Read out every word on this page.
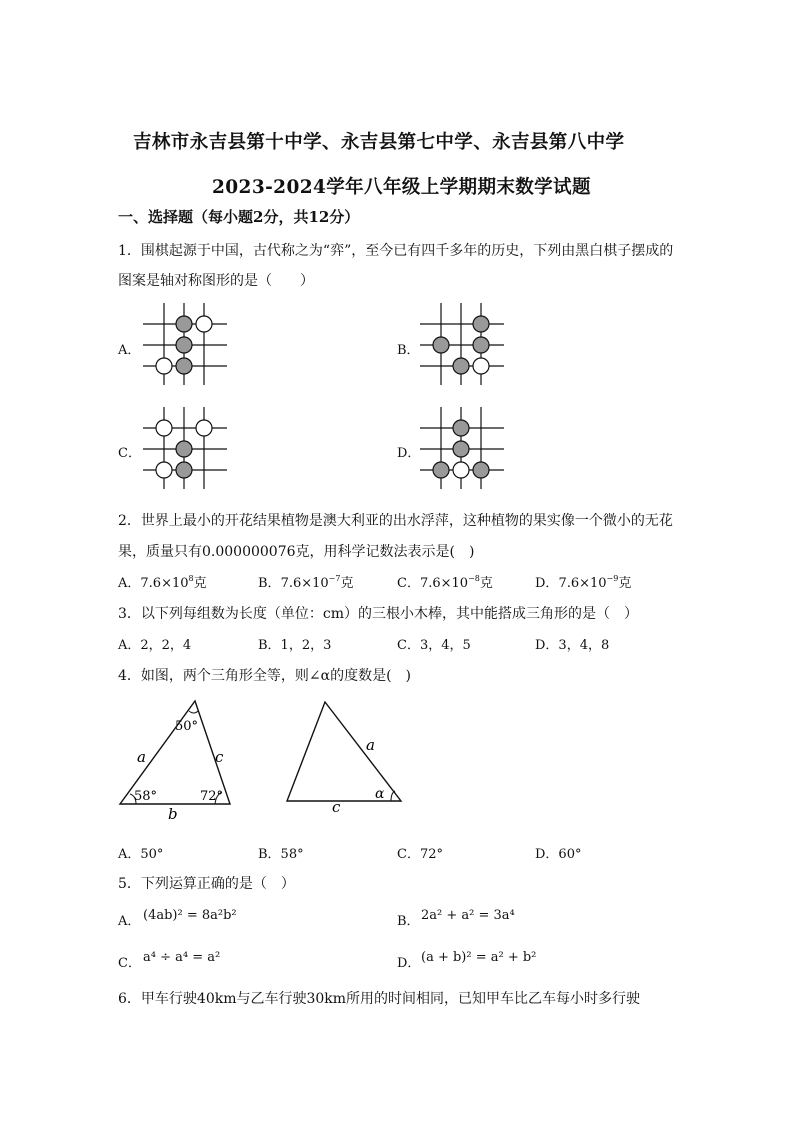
吉林市永吉县第十中学、永吉县第七中学、永吉县第八中学
2023-2024学年八年级上学期期末数学试题
一、选择题（每小题2分，共12分）
1．围棋起源于中国，古代称之为“弈”，至今已有四千多年的历史，下列由黑白棋子摆成的
图案是轴对称图形的是（　　）
A．	B．
C．	D．
2．世界上最小的开花结果植物是澳大利亚的出水浮萍，这种植物的果实像一个微小的无花
果，质量只有0.000000076克，用科学记数法表示是(　)
A．$7.6\times 10^8$克	B．$7.6\times 10^{-7}$克	C．$7.6\times 10^{-8}$克	D．$7.6\times 10^{-9}$克
3．以下列每组数为长度（单位：cm）的三根小木棒，其中能搭成三角形的是（　）
A．2，2，4	B．1，2，3	C．3，4，5	D．3，4，8
4．如图，两个三角形全等，则∠α的度数是(　)
50°
58°	72°
a	c
b
a
c
α
A．50°	B．58°	C．72°	D．60°
5．下列运算正确的是（　）
A． (4ab)² = 8a²b²	B． 2a² + a² = 3a⁴
C． a⁴ ÷ a⁴ = a²	D． (a + b)² = a² + b²
6．甲车行驶40km与乙车行驶30km所用的时间相同，已知甲车比乙车每小时多行驶
